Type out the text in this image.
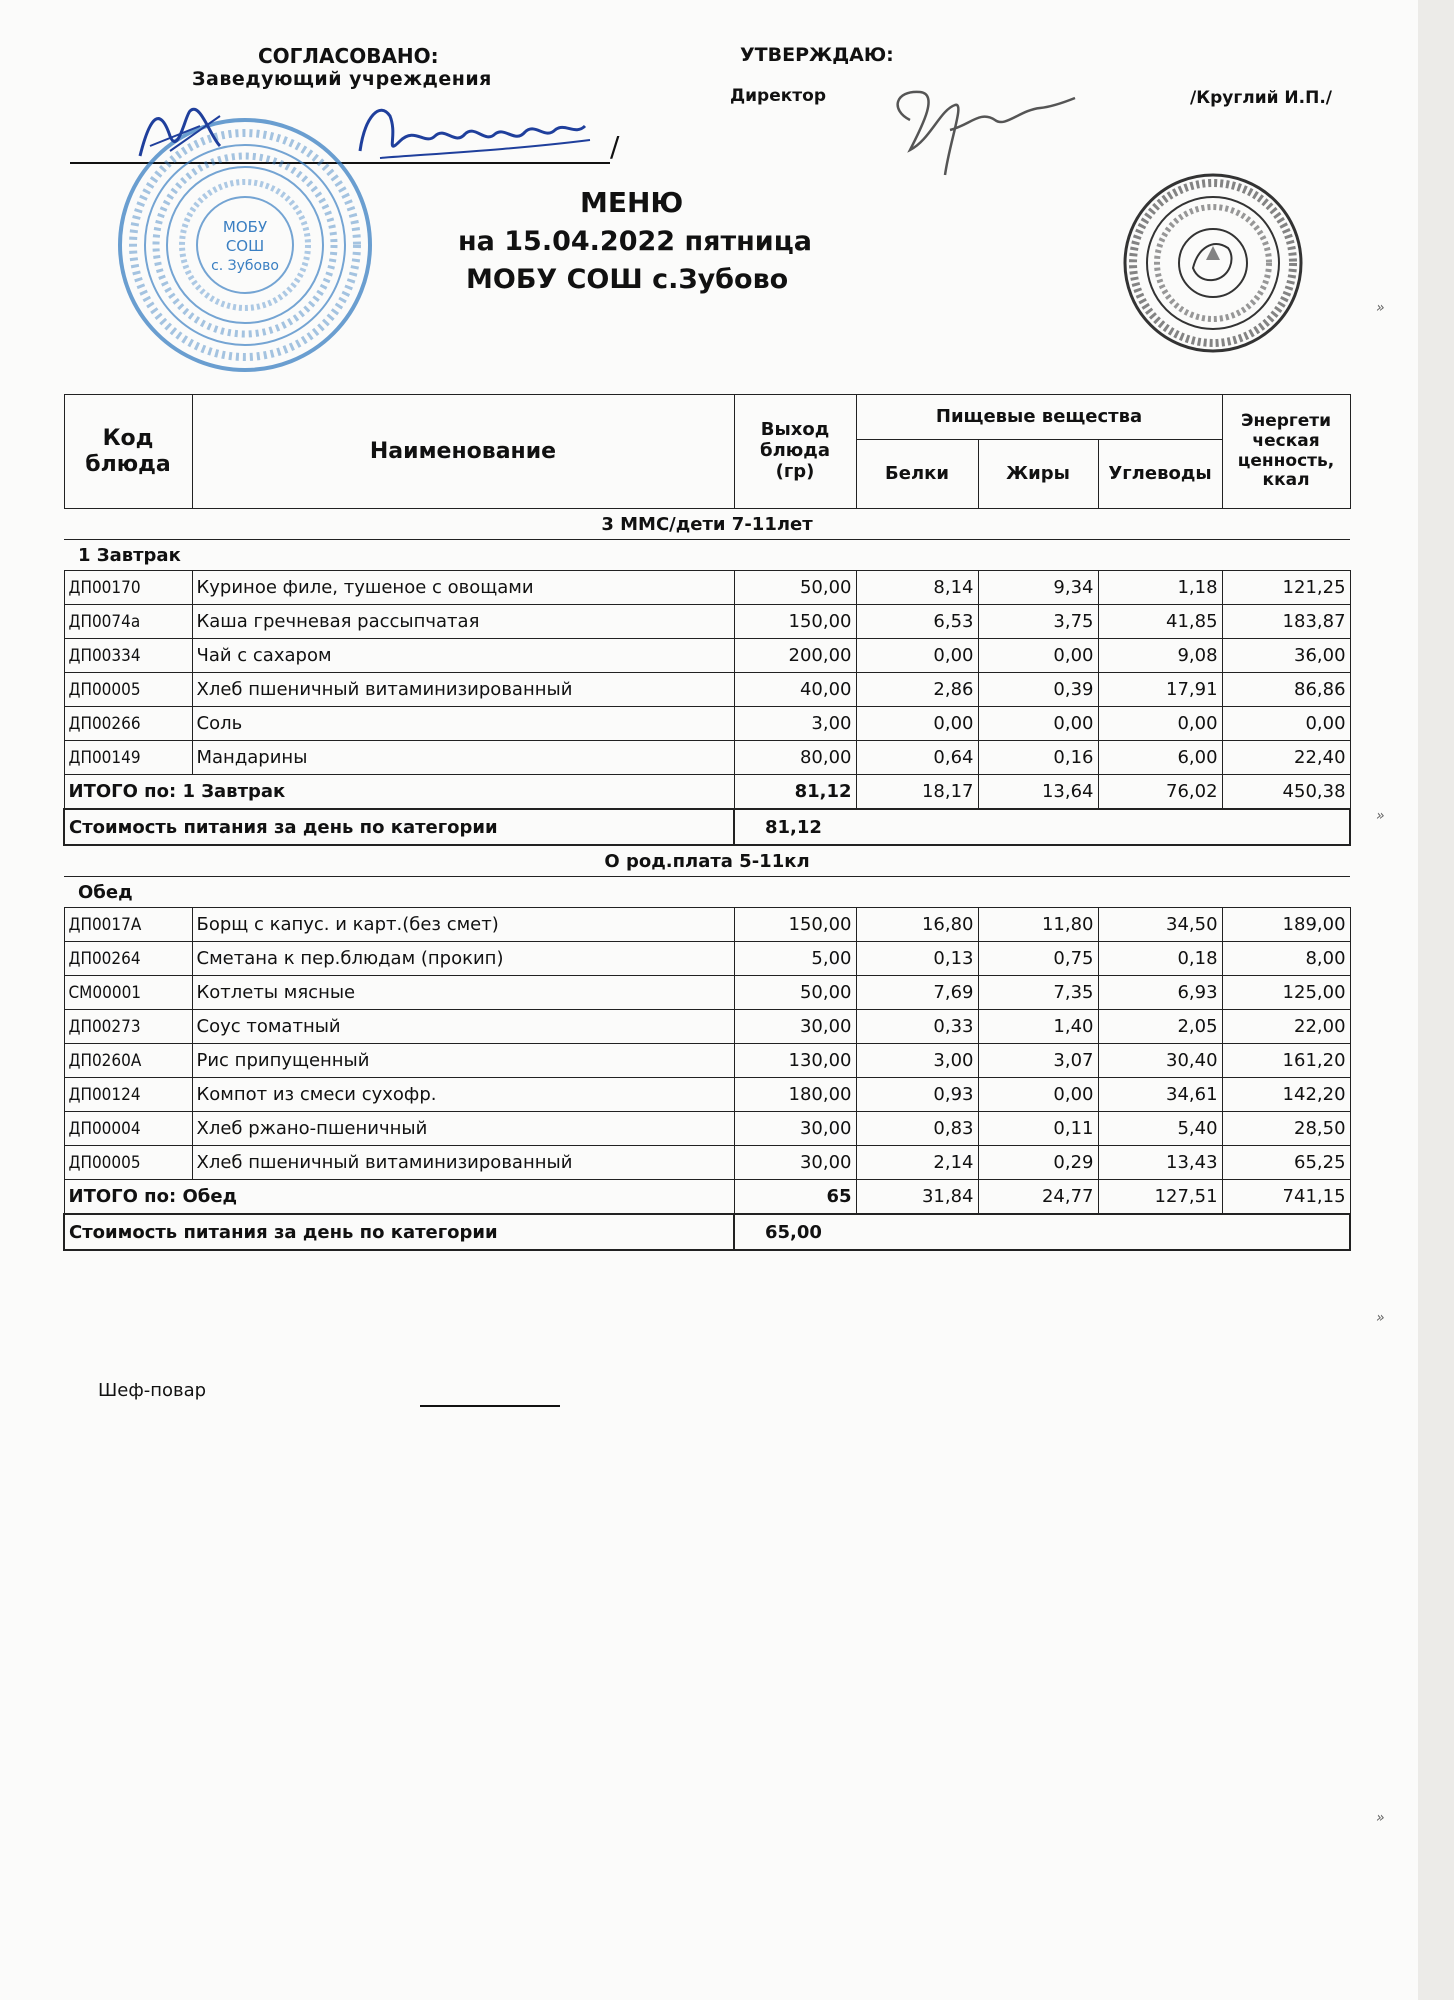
СОГЛАСОВАНО:
Заведующий учреждения
/
УТВЕРЖДАЮ:
Директор	/Круглий И.П./
МОБУ
СОШ
с. Зубово
МЕНЮ
на 15.04.2022 пятница
МОБУ СОШ с.Зубово
Код блюда	Наименование	Выход блюда (гр)	Пищевые вещества			Энергети ческая ценность, ккал
			Белки	Жиры	Углеводы	
3 ММС/дети 7-11лет						
1 Завтрак						
ДП00170	Куриное филе, тушеное с овощами	50,00	8,14	9,34	1,18	121,25
ДП0074а	Каша гречневая рассыпчатая	150,00	6,53	3,75	41,85	183,87
ДП00334	Чай с сахаром	200,00	0,00	0,00	9,08	36,00
ДП00005	Хлеб пшеничный витаминизированный	40,00	2,86	0,39	17,91	86,86
ДП00266	Соль	3,00	0,00	0,00	0,00	0,00
ДП00149	Мандарины	80,00	0,64	0,16	6,00	22,40
ИТОГО по: 1 Завтрак		81,12	18,17	13,64	76,02	450,38
Стоимость питания за день по категории		81,12				
О род.плата 5-11кл						
Обед						
ДП0017А	Борщ с капус. и карт.(без смет)	150,00	16,80	11,80	34,50	189,00
ДП00264	Сметана к пер.блюдам (прокип)	5,00	0,13	0,75	0,18	8,00
СМ00001	Котлеты мясные	50,00	7,69	7,35	6,93	125,00
ДП00273	Соус томатный	30,00	0,33	1,40	2,05	22,00
ДП0260А	Рис припущенный	130,00	3,00	3,07	30,40	161,20
ДП00124	Компот из смеси сухофр.	180,00	0,93	0,00	34,61	142,20
ДП00004	Хлеб ржано-пшеничный	30,00	0,83	0,11	5,40	28,50
ДП00005	Хлеб пшеничный витаминизированный	30,00	2,14	0,29	13,43	65,25
ИТОГО по: Обед		65	31,84	24,77	127,51	741,15
Стоимость питания за день по категории		65,00				
Шеф-повар
»
»
»
»
